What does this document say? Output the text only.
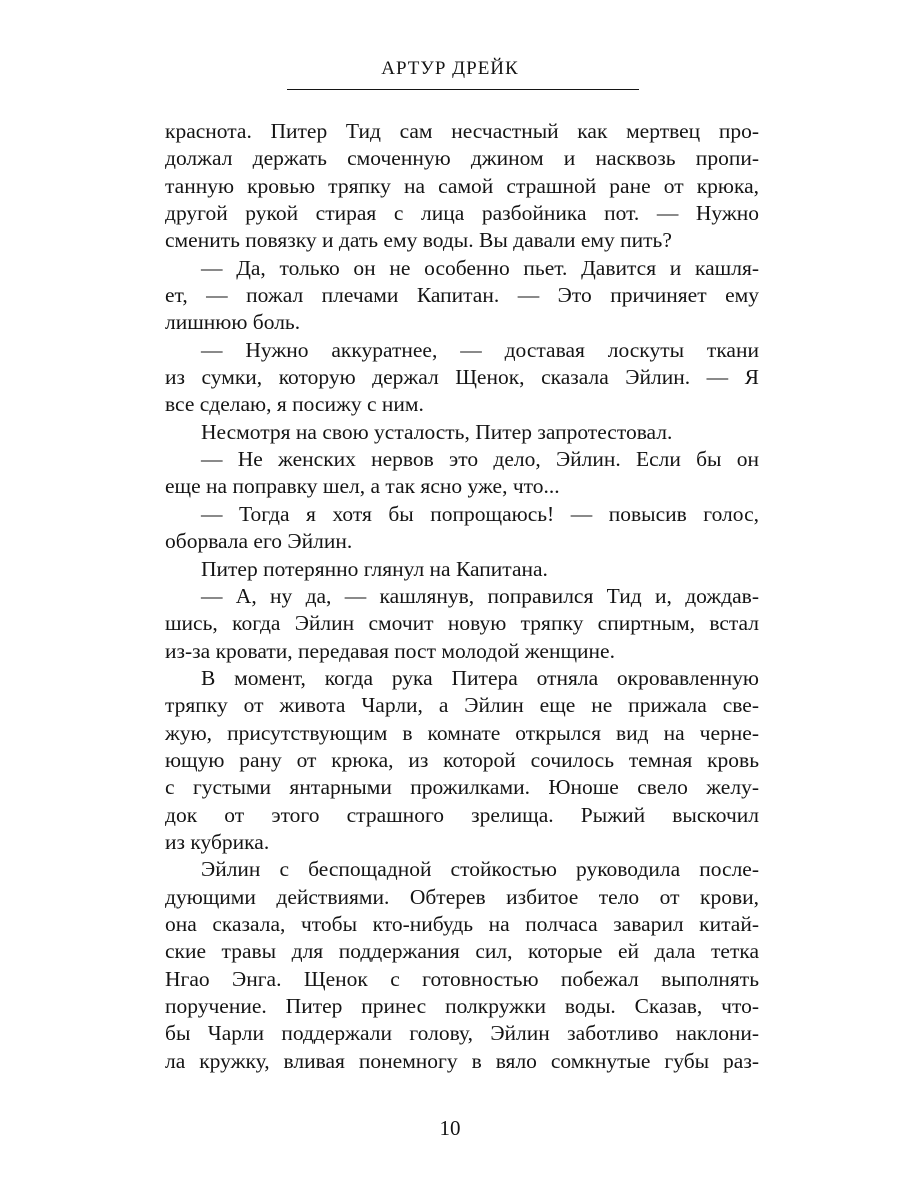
АРТУР ДРЕЙК
краснота. Питер Тид сам несчастный как мертвец про-
должал держать смоченную джином и насквозь пропи-
танную кровью тряпку на самой страшной ране от крюка,
другой рукой стирая с лица разбойника пот. — Нужно
сменить повязку и дать ему воды. Вы давали ему пить?
— Да, только он не особенно пьет. Давится и кашля-
ет, — пожал плечами Капитан. — Это причиняет ему
лишнюю боль.
— Нужно аккуратнее, — доставая лоскуты ткани
из сумки, которую держал Щенок, сказала Эйлин. — Я
все сделаю, я посижу с ним.
Несмотря на свою усталость, Питер запротестовал.
— Не женских нервов это дело, Эйлин. Если бы он
еще на поправку шел, а так ясно уже, что...
— Тогда я хотя бы попрощаюсь! — повысив голос,
оборвала его Эйлин.
Питер потерянно глянул на Капитана.
— А, ну да, — кашлянув, поправился Тид и, дождав-
шись, когда Эйлин смочит новую тряпку спиртным, встал
из-за кровати, передавая пост молодой женщине.
В момент, когда рука Питера отняла окровавленную
тряпку от живота Чарли, а Эйлин еще не прижала све-
жую, присутствующим в комнате открылся вид на черне-
ющую рану от крюка, из которой сочилось темная кровь
с густыми янтарными прожилками. Юноше свело желу-
док от этого страшного зрелища. Рыжий выскочил
из кубрика.
Эйлин с беспощадной стойкостью руководила после-
дующими действиями. Обтерев избитое тело от крови,
она сказала, чтобы кто-нибудь на полчаса заварил китай-
ские травы для поддержания сил, которые ей дала тетка
Нгао Энга. Щенок с готовностью побежал выполнять
поручение. Питер принес полкружки воды. Сказав, что-
бы Чарли поддержали голову, Эйлин заботливо наклони-
ла кружку, вливая понемногу в вяло сомкнутые губы раз-
10
